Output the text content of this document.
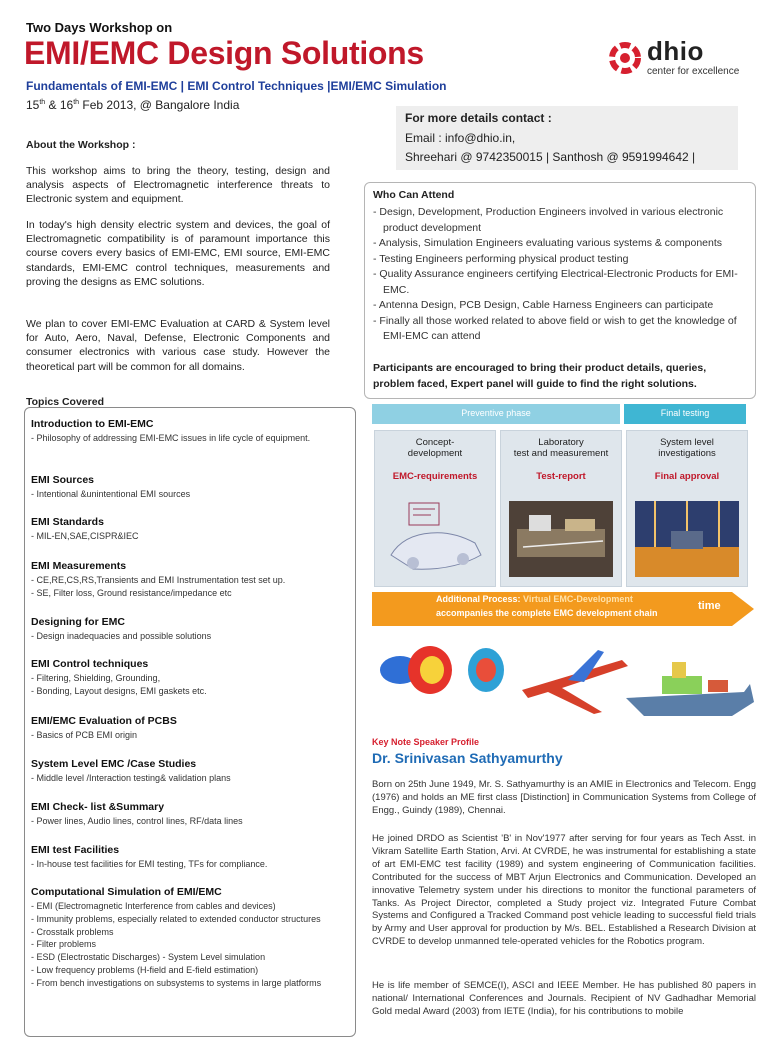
Two Days Workshop on
EMI/EMC Design Solutions
Fundamentals of EMI-EMC | EMI Control Techniques |EMI/EMC Simulation
15th & 16th Feb 2013, @ Bangalore India
dhio
center for excellence
For more details contact :
Email : info@dhio.in,
Shreehari @ 9742350015 | Santhosh @ 9591994642 |
About the Workshop :
This workshop aims to bring the theory, testing, design and analysis aspects of Electromagnetic interference threats to Electronic system and equipment.
In today's high density electric system and devices, the goal of Electromagnetic compatibility is of paramount importance this course covers every basics of EMI-EMC, EMI source, EMI-EMC standards, EMI-EMC control techniques, measurements and proving the designs as EMC solutions.
We plan to cover EMI-EMC Evaluation at CARD & System level for Auto, Aero, Naval, Defense, Electronic Components and consumer electronics with various case study. However the theoretical part will be common for all domains.
Topics Covered
Introduction to EMI-EMC
- Philosophy of addressing EMI-EMC issues in life cycle of equipment.
EMI Sources
- Intentional &unintentional EMI sources
EMI Standards
- MIL-EN,SAE,CISPR&IEC
EMI Measurements
- CE,RE,CS,RS,Transients and EMI Instrumentation test set up.
- SE, Filter loss, Ground resistance/impedance etc
Designing for EMC
- Design inadequacies and possible solutions
EMI Control techniques
- Filtering, Shielding, Grounding,
- Bonding, Layout designs, EMI gaskets etc.
EMI/EMC Evaluation of PCBS
- Basics of PCB EMI origin
System Level EMC /Case Studies
- Middle level /Interaction testing& validation plans
EMI Check- list &Summary
- Power lines, Audio lines, control lines, RF/data lines
EMI test Facilities
- In-house test facilities for EMI testing, TFs for compliance.
Computational Simulation of EMI/EMC
- EMI (Electromagnetic Interference from cables and devices)
- Immunity problems, especially related to extended conductor structures
- Crosstalk problems
- Filter problems
- ESD (Electrostatic Discharges) - System Level simulation
- Low frequency problems (H-field and E-field estimation)
- From bench investigations on subsystems to systems in large platforms
Who Can Attend
- Design, Development, Production Engineers involved in various electronic product development
- Analysis, Simulation Engineers evaluating various systems & components
- Testing Engineers performing physical product testing
- Quality Assurance engineers certifying Electrical-Electronic Products for EMI-EMC.
- Antenna Design, PCB Design, Cable Harness Engineers can participate
- Finally all those worked related to above field or wish to get the knowledge of EMI-EMC can attend
Participants are encouraged to bring their product details, queries, problem faced, Expert panel will guide to find the right solutions.
Preventive phase	Final testing
Concept-
development
EMC-requirements
Laboratory
test and measurement
Test-report
System level
investigations
Final approval
Additional Process: Virtual EMC-Development
accompanies the complete EMC development chain
time
Key Note Speaker Profile
Dr. Srinivasan Sathyamurthy
Born on 25th June 1949, Mr. S. Sathyamurthy is an AMIE in Electronics and Telecom. Engg (1976) and holds an ME first class [Distinction] in Communication Systems from College of Engg., Guindy (1989), Chennai.
He joined DRDO as Scientist 'B' in Nov'1977 after serving for four years as Tech Asst. in Vikram Satellite Earth Station, Arvi. At CVRDE, he was instrumental for establishing a state of art EMI-EMC test facility (1989) and system engineering of Communication facilities. Contributed for the success of MBT Arjun Electronics and Communication. Developed an innovative Telemetry system under his directions to monitor the functional parameters of Tanks. As Project Director, completed a Study project viz. Integrated Future Combat Systems and Configured a Tracked Command post vehicle leading to successful field trials by Army and User approval for production by M/s. BEL. Established a Research Division at CVRDE to develop unmanned tele-operated vehicles for the Robotics program.
He is life member of SEMCE(I), ASCI and IEEE Member. He has published 80 papers in national/ International Conferences and Journals. Recipient of NV Gadhadhar Memorial Gold medal Award (2003) from IETE (India), for his contributions to mobile
